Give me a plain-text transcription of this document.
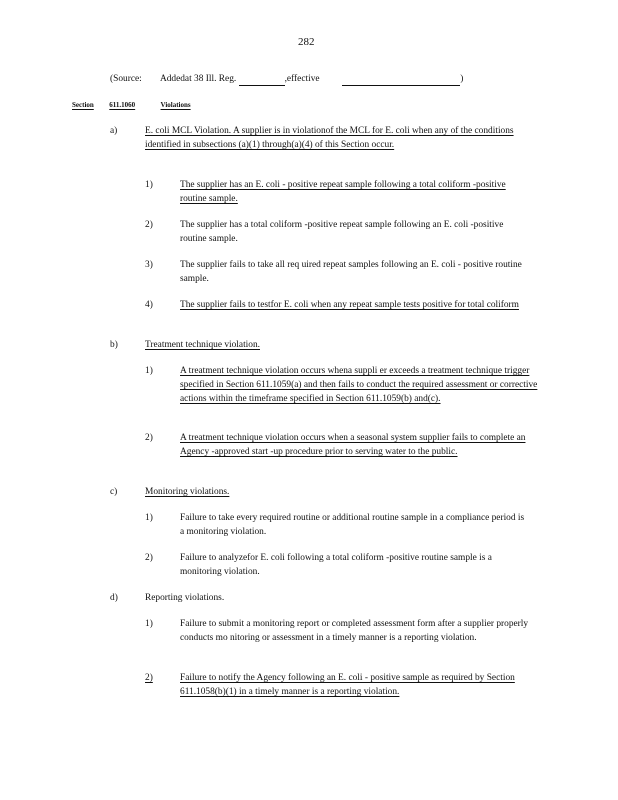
282
(Source: Addedat 38 Ill. Reg.	,effective	)
Section 611.1060	Violations
a)	E. coli MCL Violation. A supplier is in violationof the MCL for E. coli when any of the conditions identified in subsections (a)(1) through(a)(4) of this Section occur.
1)	The supplier has an E. coli - positive repeat sample following a total coliform -positive routine sample.
2)	The supplier has a total coliform -positive repeat sample following an E. coli -positive routine sample.
3)	The supplier fails to take all req uired repeat samples following an E. coli - positive routine sample.
4)	The supplier fails to testfor E. coli when any repeat sample tests positive for total coliform
b)	Treatment technique violation.
1)	A treatment technique violation occurs whena suppli er exceeds a treatment technique trigger specified in Section 611.1059(a) and then fails to conduct the required assessment or corrective actions within the timeframe specified in Section 611.1059(b) and(c).
2)	A treatment technique violation occurs when a seasonal system supplier fails to complete an Agency -approved start -up procedure prior to serving water to the public.
c)	Monitoring violations.
1)	Failure to take every required routine or additional routine sample in a compliance period is a monitoring violation.
2)	Failure to analyzefor E. coli following a total coliform -positive routine sample is a monitoring violation.
d)	Reporting violations.
1)	Failure to submit a monitoring report or completed assessment form after a supplier properly conducts mo nitoring or assessment in a timely manner is a reporting violation.
2)	Failure to notify the Agency following an E. coli - positive sample as required by Section 611.1058(b)(1) in a timely manner is a reporting violation.
